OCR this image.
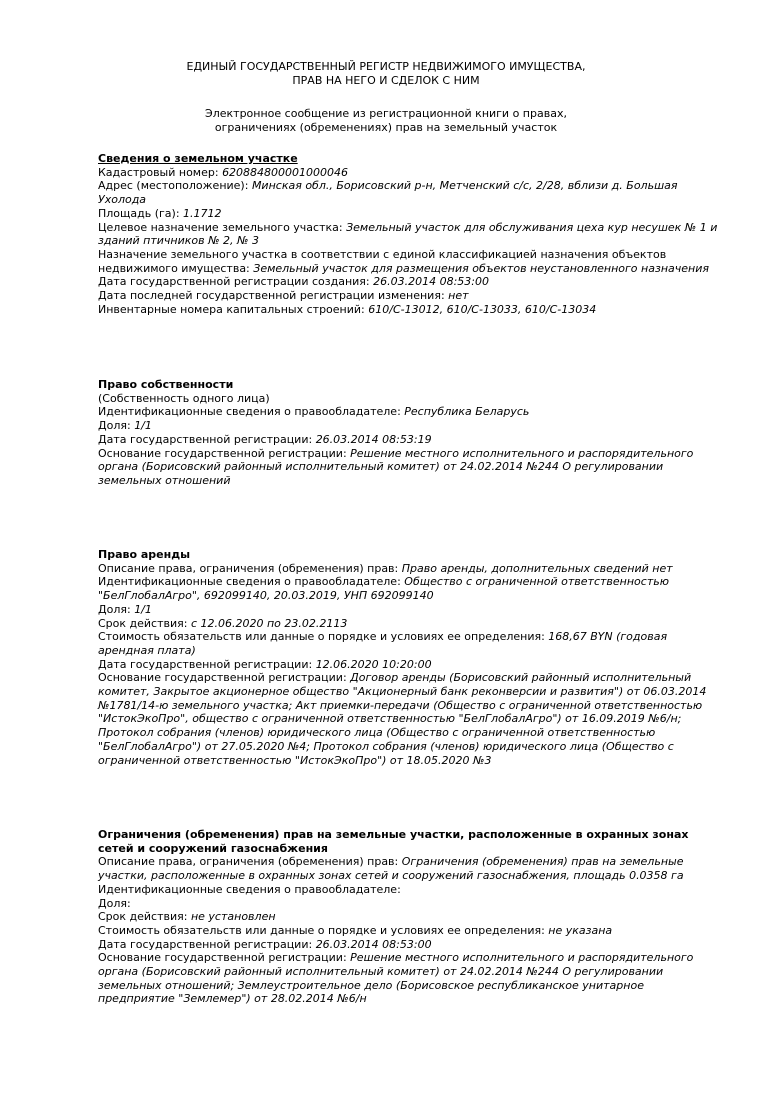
ЕДИНЫЙ ГОСУДАРСТВЕННЫЙ РЕГИСТР НЕДВИЖИМОГО ИМУЩЕСТВА,
ПРАВ НА НЕГО И СДЕЛОК С НИМ
Электронное сообщение из регистрационной книги о правах,
ограничениях (обременениях) прав на земельный участок
Сведения о земельном участке
Кадастровый номер: 620884800001000046
Адрес (местоположение): Минская обл., Борисовский р-н, Метченский с/с, 2/28, вблизи д. Большая Ухолода
Площадь (га): 1.1712
Целевое назначение земельного участка: Земельный участок для обслуживания цеха кур несушек № 1 и зданий птичников № 2, № 3
Назначение земельного участка в соответствии с единой классификацией назначения объектов недвижимого имущества: Земельный участок для размещения объектов неустановленного назначения
Дата государственной регистрации создания: 26.03.2014 08:53:00
Дата последней государственной регистрации изменения: нет
Инвентарные номера капитальных строений: 610/С-13012, 610/С-13033, 610/С-13034
Право собственности
(Собственность одного лица)
Идентификационные сведения о правообладателе: Республика Беларусь
Доля: 1/1
Дата государственной регистрации: 26.03.2014 08:53:19
Основание государственной регистрации: Решение местного исполнительного и распорядительного органа (Борисовский районный исполнительный комитет) от 24.02.2014 №244 О регулировании земельных отношений
Право аренды
Описание права, ограничения (обременения) прав: Право аренды, дополнительных сведений нет
Идентификационные сведения о правообладателе: Общество с ограниченной ответственностью "БелГлобалАгро", 692099140, 20.03.2019, УНП 692099140
Доля: 1/1
Срок действия: с 12.06.2020 по 23.02.2113
Стоимость обязательств или данные о порядке и условиях ее определения: 168,67 BYN (годовая арендная плата)
Дата государственной регистрации: 12.06.2020 10:20:00
Основание государственной регистрации: Договор аренды (Борисовский районный исполнительный комитет, Закрытое акционерное общество "Акционерный банк реконверсии и развития") от 06.03.2014 №1781/14-ю земельного участка; Акт приемки-передачи (Общество с ограниченной ответственностью "ИстокЭкоПро", общество с ограниченной ответственностью "БелГлобалАгро") от 16.09.2019 №6/н; Протокол собрания (членов) юридического лица (Общество с ограниченной ответственностью "БелГлобалАгро") от 27.05.2020 №4; Протокол собрания (членов) юридического лица (Общество с ограниченной ответственностью "ИстокЭкоПро") от 18.05.2020 №3
Ограничения (обременения) прав на земельные участки, расположенные в охранных зонах сетей и сооружений газоснабжения
Описание права, ограничения (обременения) прав: Ограничения (обременения) прав на земельные участки, расположенные в охранных зонах сетей и сооружений газоснабжения, площадь 0.0358 га
Идентификационные сведения о правообладателе:
Доля:
Срок действия: не установлен
Стоимость обязательств или данные о порядке и условиях ее определения: не указана
Дата государственной регистрации: 26.03.2014 08:53:00
Основание государственной регистрации: Решение местного исполнительного и распорядительного органа (Борисовский районный исполнительный комитет) от 24.02.2014 №244 О регулировании земельных отношений; Землеустроительное дело (Борисовское республиканское унитарное предприятие "Землемер") от 28.02.2014 №6/н
